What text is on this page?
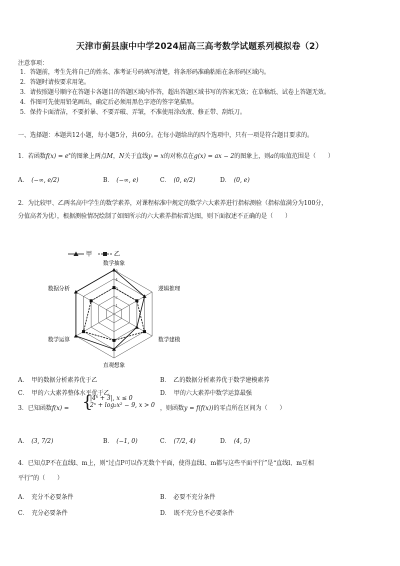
天津市蓟县康中中学2024届高三高考数学试题系列模拟卷（2）
注意事项：
1．答题前，考生先将自己的姓名、准考证号码填写清楚，将条形码准确粘贴在条形码区域内。
2．答题时请按要求用笔。
3．请按照题号顺序在答题卡各题目的答题区域内作答，超出答题区域书写的答案无效；在草稿纸、试卷上答题无效。
4．作图可先使用铅笔画出，确定后必须用黑色字迹的签字笔描黑。
5．保持卡面清洁，不要折暴、不要弄破、弄皱，不准使用涂改液、修正带、刮纸刀。
一、选择题：本题共12小题，每小题5分，共60分。在每小题给出的四个选项中，只有一项是符合题目要求的。
1．若函数$f(x) = e^x$的图象上两点M，N关于直线y = x的对称点在g(x) = ax − 2的图象上，则a的取值范围是（　　）
A． (−∞, e/2)	B． (−∞, e)	C． (0, e/2)	D． (0, e)
2．为比较甲、乙两名高中学生的数学素养，对课程标准中规定的数学六大素养进行指标测验（指标值满分为100分，
分值高者为优），根据测验情况绘制了如图所示的六大素养指标雷达图，则下面叙述不正确的是（　　）
甲	乙
1
2
3
4
5
数学抽象
逻辑推理
数学建模
直观想象
数学运算
数据分析
A． 甲的数据分析素养优于乙	B． 乙的数据分析素养优于数学建模素养
C． 甲的六大素养整体水平优于乙	D． 甲的六大素养中数学运算最强
3．已知函数f(x) = {
|4ˣ + 3|, x ≤ 0
2ˣ + log₂x² − 9, x > 0 ，则函数y = f(f(x))的零点所在区间为（　　）
A． (3, 7/2)	B． (−1, 0)	C． (7/2, 4)	D． (4, 5)
4．已知点P不在直线l、m上，则“过点P可以作无数个平面，使得直线l、m都与这些平面平行”是“直线l、m互相
平行”的（　　）
A． 充分不必要条件	B． 必要不充分条件
C． 充分必要条件	D． 既不充分也不必要条件
